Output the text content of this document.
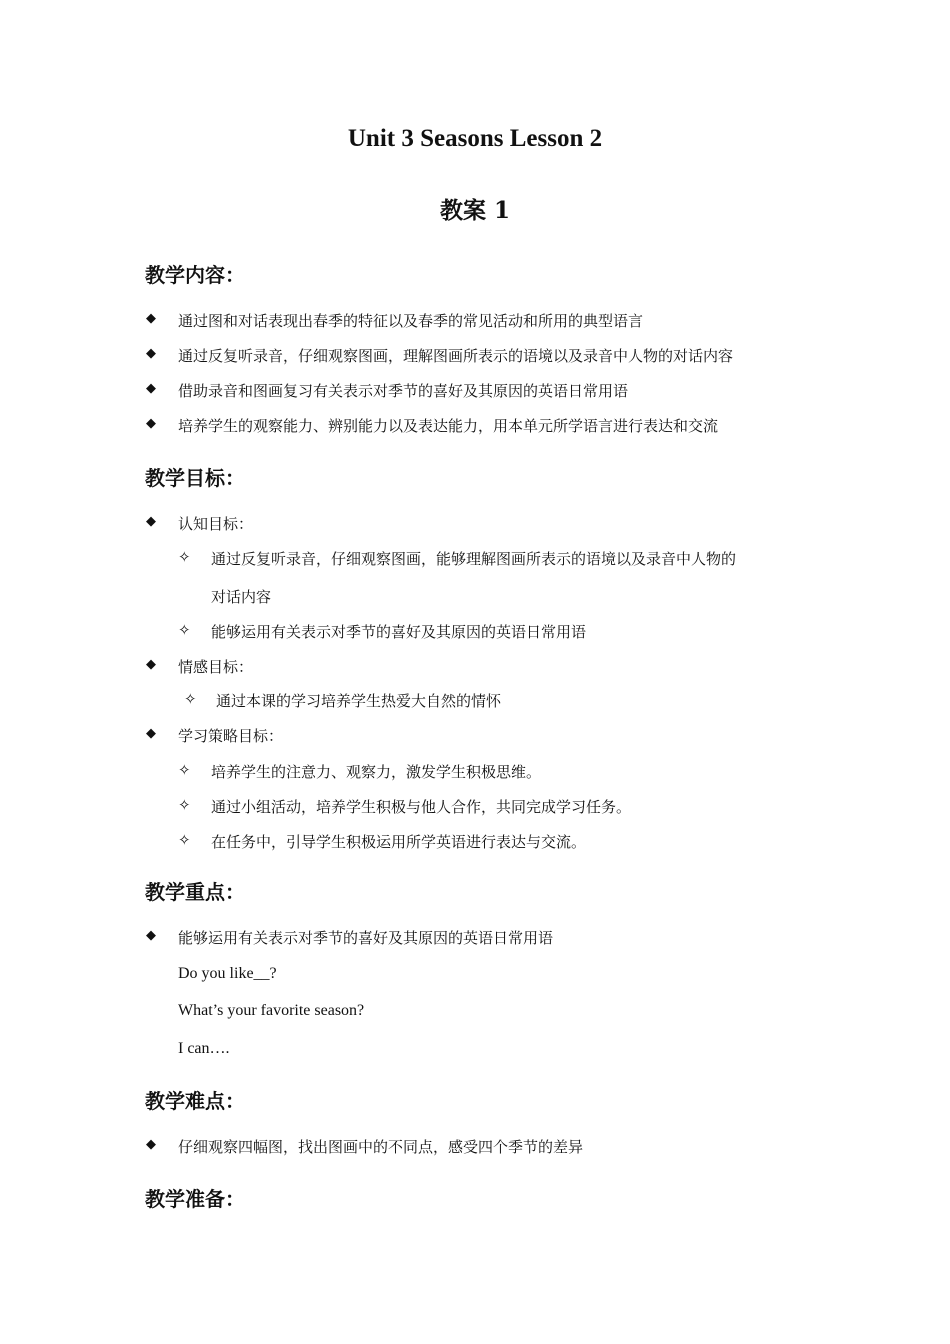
Unit 3 Seasons Lesson 2
教案 1
教学内容：
◆ 通过图和对话表现出春季的特征以及春季的常见活动和所用的典型语言
◆ 通过反复听录音，仔细观察图画，理解图画所表示的语境以及录音中人物的对话内容
◆ 借助录音和图画复习有关表示对季节的喜好及其原因的英语日常用语
◆ 培养学生的观察能力、辨别能力以及表达能力，用本单元所学语言进行表达和交流
教学目标：
◆ 认知目标：
✧ 通过反复听录音，仔细观察图画，能够理解图画所表示的语境以及录音中人物的
对话内容
✧ 能够运用有关表示对季节的喜好及其原因的英语日常用语
◆ 情感目标：
✧ 通过本课的学习培养学生热爱大自然的情怀
◆ 学习策略目标：
✧ 培养学生的注意力、观察力，激发学生积极思维。
✧ 通过小组活动，培养学生积极与他人合作，共同完成学习任务。
✧ 在任务中，引导学生积极运用所学英语进行表达与交流。
教学重点：
◆ 能够运用有关表示对季节的喜好及其原因的英语日常用语
Do you like__?
What’s your favorite season?
I can….
教学难点：
◆ 仔细观察四幅图，找出图画中的不同点，感受四个季节的差异
教学准备：
